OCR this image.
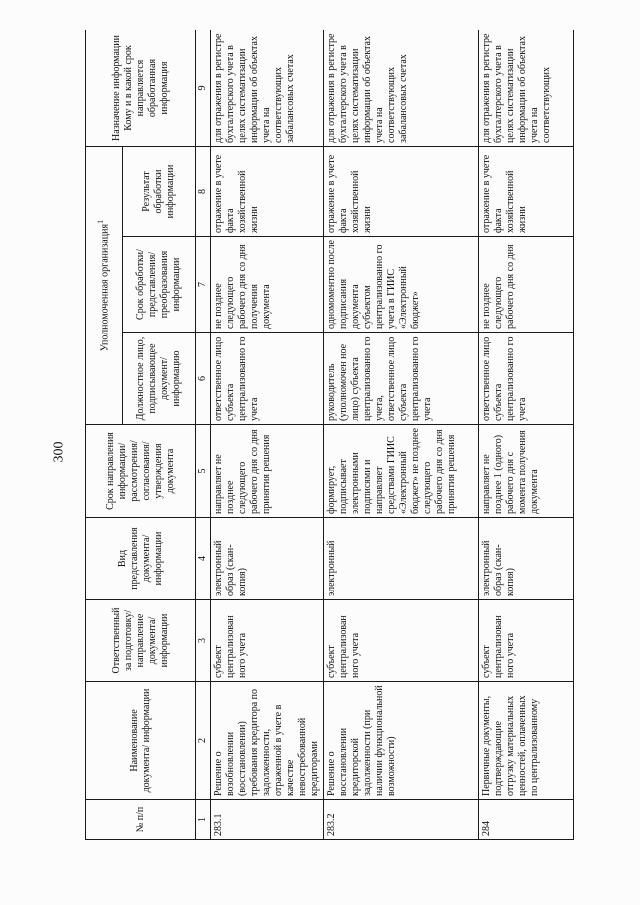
300
№ п/п	Наименование документа/ информации	Ответственный за подготовку/ направление документа/ информации	Вид представления документа/ информации	Срок направления информации/ рассмотрения/ согласования/ утверждения документа	Уполномоченная организация$^1$			Назначение информации Кому и в какой срок направляется обработанная информация
					Должностное лицо, подписывающее документ/ информацию	Срок обработки/ представления/ преобразования информации	Результат обработки информации	
1	2	3	4	5	6	7	8	9
283.1	Решение о возобновлении (восстановлении) требования кредитора по задолженности, отраженной в учете в качестве невостребованной кредиторами	субъект централизован ного учета	электронный образ (скан-копия)	направляет не позднее следующего рабочего дня со дня принятия решения	ответственное лицо субъекта централизованно го учета	не позднее следующего рабочего дня со дня получения документа	отражение в учете факта хозяйственной жизни	для отражения в регистре бухгалтерского учета в целях систематизации информации об объектах учета на соответствующих забалансовых счетах
283.2	Решение о восстановлении кредиторской задолженности (при наличии функциональной возможности)	субъект централизован ного учета	электронный	формирует, подписывает электронными подписями и направляет средствами ГИИС «Электронный бюджет» не позднее следующего рабочего дня со дня принятия решения	руководитель (уполномочен ное лицо) субъекта централизованно го учета, ответственное лицо субъекта централизованно го учета	одномоментно после подписания документа субъектом централизованно го учета в ГИИС «Электронный бюджет»	отражение в учете факта хозяйственной жизни	для отражения в регистре бухгалтерского учета в целях систематизации информации об объектах учета на соответствующих забалансовых счетах
284	Первичные документы, подтверждающие отгрузку материальных ценностей, оплаченных по централизованному	субъект централизован ного учета	электронный образ (скан-копия)	направляет не позднее 1 (одного) рабочего дня с момента получения документа	ответственное лицо субъекта централизованно го учета	не позднее следующего рабочего дня со дня	отражение в учете факта хозяйственной жизни	для отражения в регистре бухгалтерского учета в целях систематизации информации об объектах учета на соответствующих
